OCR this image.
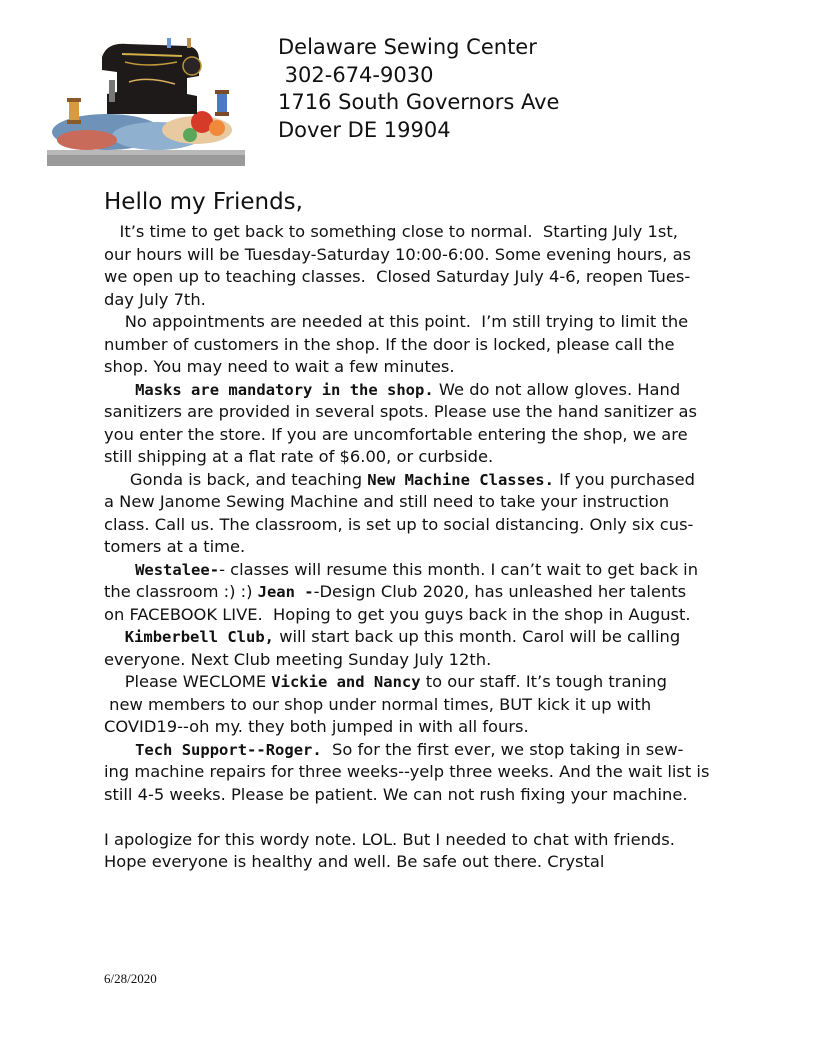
Delaware Sewing Center
302-674-9030
1716 South Governors Ave
Dover DE 19904
Hello my Friends,
It’s time to get back to something close to normal.  Starting July 1st,
our hours will be Tuesday-Saturday 10:00-6:00. Some evening hours, as
we open up to teaching classes.  Closed Saturday July 4-6, reopen Tues-
day July 7th.
No appointments are needed at this point.  I’m still trying to limit the
number of customers in the shop. If the door is locked, please call the
shop. You may need to wait a few minutes.
Masks are mandatory in the shop. We do not allow gloves. Hand
sanitizers are provided in several spots. Please use the hand sanitizer as
you enter the store. If you are uncomfortable entering the shop, we are
still shipping at a flat rate of $6.00, or curbside.
Gonda is back, and teaching New Machine Classes. If you purchased
a New Janome Sewing Machine and still need to take your instruction
class. Call us. The classroom, is set up to social distancing. Only six cus-
tomers at a time.
Westalee-- classes will resume this month. I can’t wait to get back in
the classroom :) :) Jean --Design Club 2020, has unleashed her talents
on FACEBOOK LIVE.  Hoping to get you guys back in the shop in August.
Kimberbell Club, will start back up this month. Carol will be calling
everyone. Next Club meeting Sunday July 12th.
Please WECLOME Vickie and Nancy to our staff. It’s tough traning
new members to our shop under normal times, BUT kick it up with
COVID19--oh my. they both jumped in with all fours.
Tech Support--Roger.  So for the first ever, we stop taking in sew-
ing machine repairs for three weeks--yelp three weeks. And the wait list is
still 4-5 weeks. Please be patient. We can not rush fixing your machine.
I apologize for this wordy note. LOL. But I needed to chat with friends.
Hope everyone is healthy and well. Be safe out there. Crystal
6/28/2020
